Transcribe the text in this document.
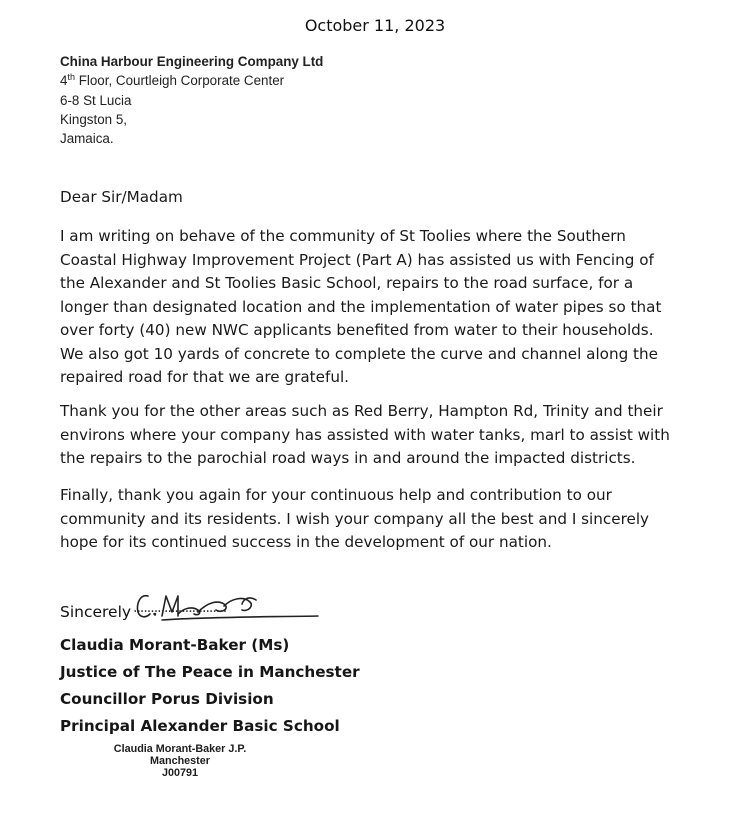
October 11, 2023
China Harbour Engineering Company Ltd
4th Floor, Courtleigh Corporate Center
6-8 St Lucia
Kingston 5,
Jamaica.
Dear Sir/Madam
I am writing on behave of the community of St Toolies where the Southern
Coastal Highway Improvement Project (Part A) has assisted us with Fencing of
the Alexander and St Toolies Basic School, repairs to the road surface, for a
longer than designated location and the implementation of water pipes so that
over forty (40) new NWC applicants benefited from water to their households.
We also got 10 yards of concrete to complete the curve and channel along the
repaired road for that we are grateful.
Thank you for the other areas such as Red Berry, Hampton Rd, Trinity and their
environs where your company has assisted with water tanks, marl to assist with
the repairs to the parochial road ways in and around the impacted districts.
Finally, thank you again for your continuous help and contribution to our
community and its residents. I wish your company all the best and I sincerely
hope for its continued success in the development of our nation.
Sincerely ...........................
Claudia Morant-Baker (Ms)
Justice of The Peace in Manchester
Councillor Porus Division
Principal Alexander Basic School
Claudia Morant-Baker J.P.
Manchester
J00791
